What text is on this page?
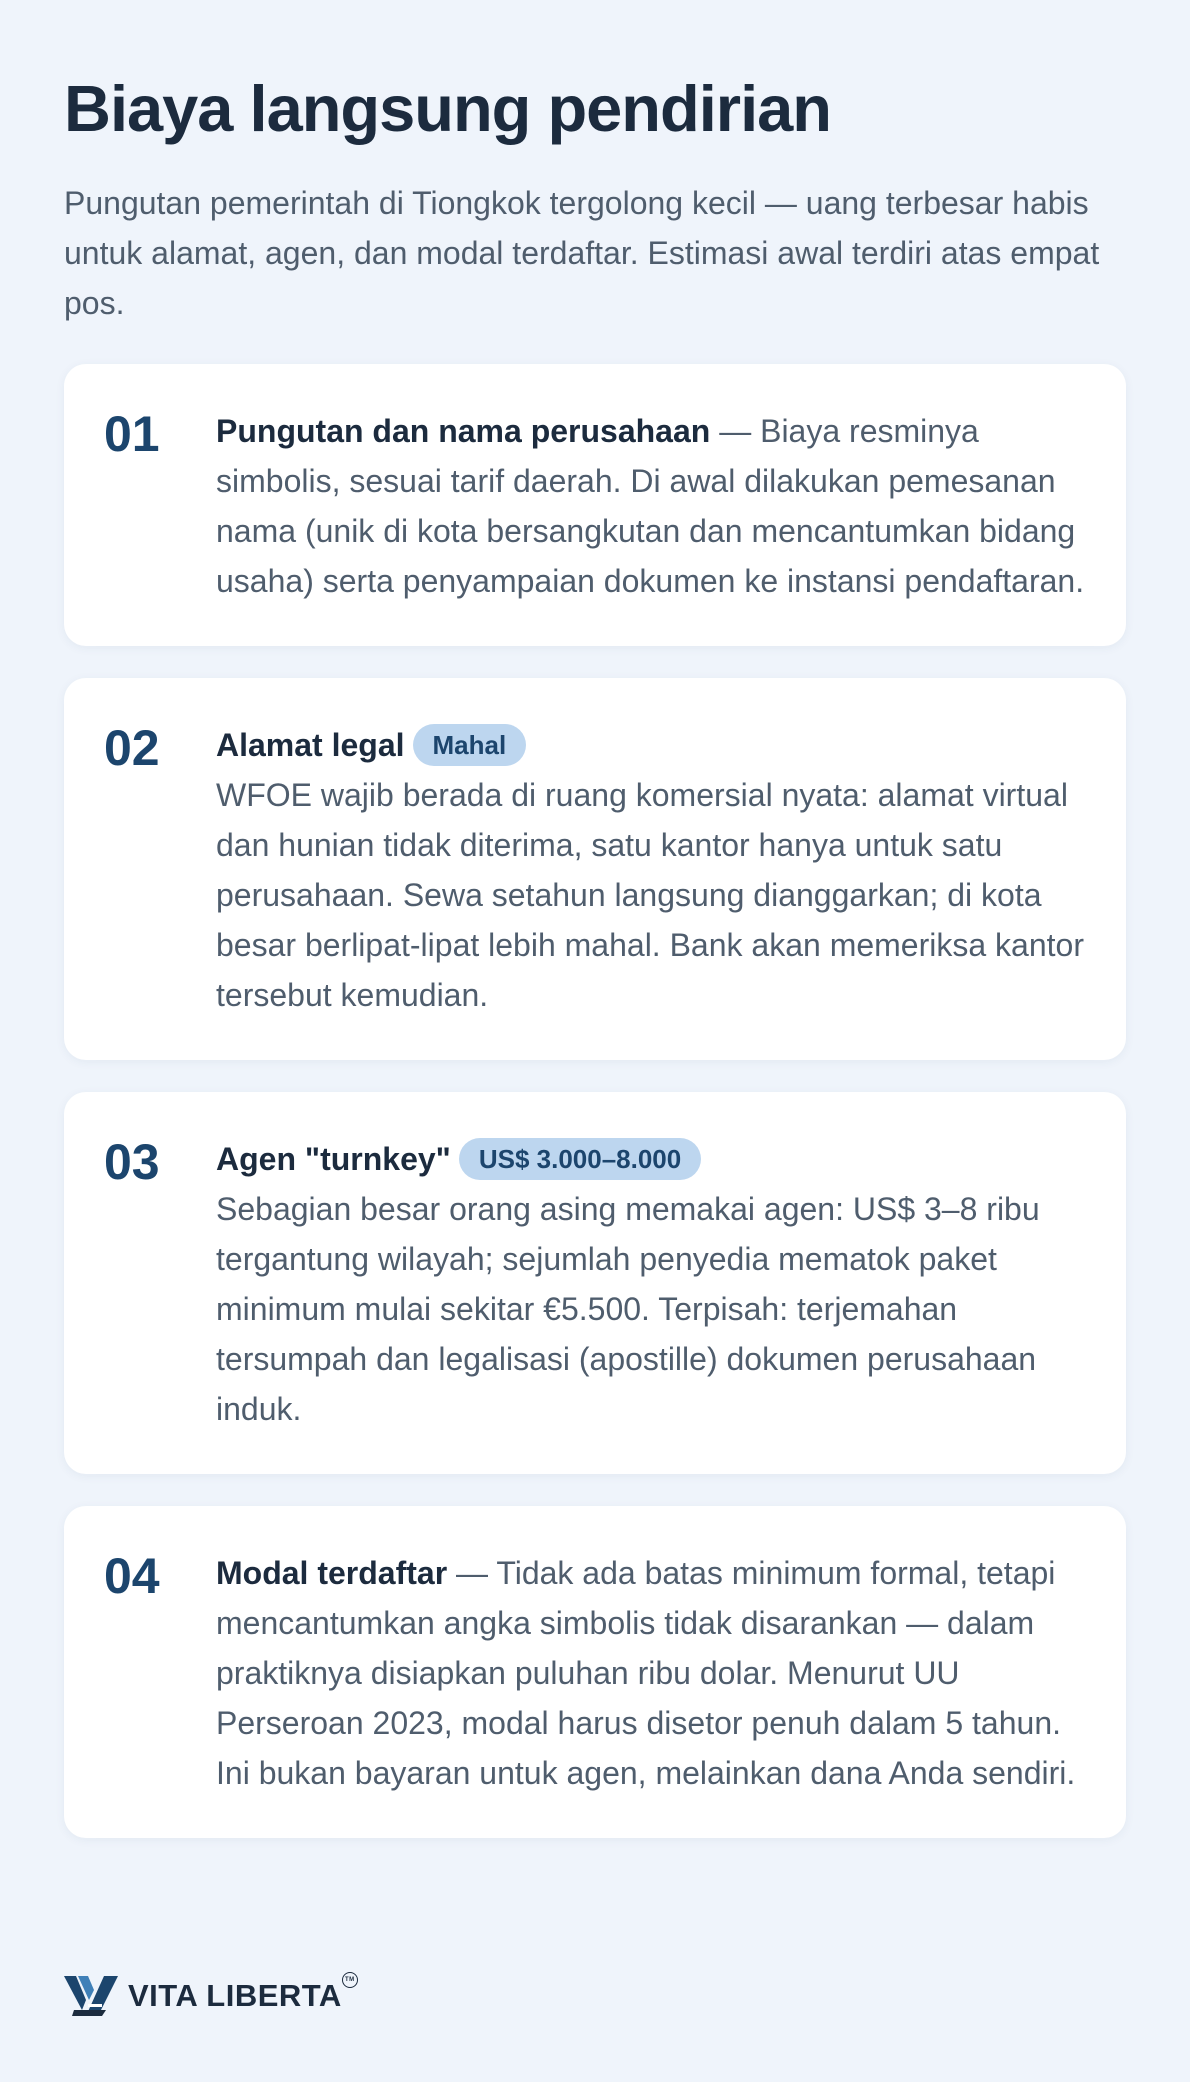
Biaya langsung pendirian

Pungutan pemerintah di Tiongkok tergolong kecil — uang terbesar habis untuk alamat, agen, dan modal terdaftar. Estimasi awal terdiri atas empat pos.

01	Pungutan dan nama perusahaan — Biaya resminya simbolis, sesuai tarif daerah. Di awal dilakukan pemesanan nama (unik di kota bersangkutan dan mencantumkan bidang usaha) serta penyampaian dokumen ke instansi pendaftaran.
02	Alamat legal	Mahal
WFOE wajib berada di ruang komersial nyata: alamat virtual dan hunian tidak diterima, satu kantor hanya untuk satu perusahaan. Sewa setahun langsung dianggarkan; di kota besar berlipat-lipat lebih mahal. Bank akan memeriksa kantor tersebut kemudian.
03	Agen "turnkey"	US$ 3.000–8.000
Sebagian besar orang asing memakai agen: US$ 3–8 ribu tergantung wilayah; sejumlah penyedia mematok paket minimum mulai sekitar €5.500. Terpisah: terjemahan tersumpah dan legalisasi (apostille) dokumen perusahaan induk.
04	Modal terdaftar — Tidak ada batas minimum formal, tetapi mencantumkan angka simbolis tidak disarankan — dalam praktiknya disiapkan puluhan ribu dolar. Menurut UU Perseroan 2023, modal harus disetor penuh dalam 5 tahun. Ini bukan bayaran untuk agen, melainkan dana Anda sendiri.
VITA LIBERTA TM
